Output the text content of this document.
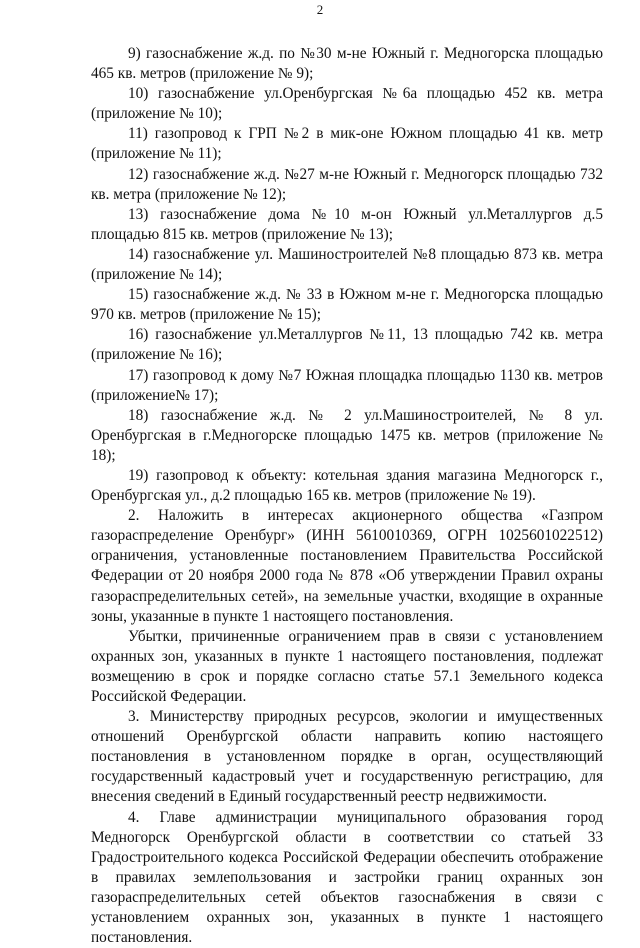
2

9) газоснабжение ж.д. по №30 м-не Южный г. Медногорска площадью 465 кв. метров (приложение № 9);

10) газоснабжение ул.Оренбургская №6а площадью 452 кв. метра (приложение № 10);

11) газопровод к ГРП №2 в мик-оне Южном площадью 41 кв. метр (приложение № 11);

12) газоснабжение ж.д. №27 м-не Южный г. Медногорск площадью 732 кв. метра (приложение № 12);

13) газоснабжение дома №10 м-он Южный ул.Металлургов д.5 площадью 815 кв. метров (приложение № 13);

14) газоснабжение ул. Машиностроителей №8 площадью 873 кв. метра (приложение № 14);

15) газоснабжение ж.д. № 33 в Южном м-не г. Медногорска площадью 970 кв. метров (приложение № 15);

16) газоснабжение ул.Металлургов №11, 13 площадью 742 кв. метра (приложение № 16);

17) газопровод к дому №7 Южная площадка площадью 1130 кв. метров (приложение№ 17);

18) газоснабжение ж.д. № 2 ул.Машиностроителей, № 8 ул. Оренбургская в г.Медногорске площадью 1475 кв. метров (приложение № 18);

19) газопровод к объекту: котельная здания магазина Медногорск г., Оренбургская ул., д.2 площадью 165 кв. метров (приложение № 19).

2. Наложить в интересах акционерного общества «Газпром газораспределение Оренбург» (ИНН 5610010369, ОГРН 1025601022512) ограничения, установленные постановлением Правительства Российской Федерации от 20 ноября 2000 года № 878 «Об утверждении Правил охраны газораспределительных сетей», на земельные участки, входящие в охранные зоны, указанные в пункте 1 настоящего постановления.

Убытки, причиненные ограничением прав в связи с установлением охранных зон, указанных в пункте 1 настоящего постановления, подлежат возмещению в срок и порядке согласно статье 57.1 Земельного кодекса Российской Федерации.

3. Министерству природных ресурсов, экологии и имущественных отношений Оренбургской области направить копию настоящего постановления в установленном порядке в орган, осуществляющий государственный кадастровый учет и государственную регистрацию, для внесения сведений в Единый государственный реестр недвижимости.

4. Главе администрации муниципального образования город Медногорск Оренбургской области в соответствии со статьей 33 Градостроительного кодекса Российской Федерации обеспечить отображение в правилах землепользования и застройки границ охранных зон газораспределительных сетей объектов газоснабжения в связи с установлением охранных зон, указанных в пункте 1 настоящего постановления.
